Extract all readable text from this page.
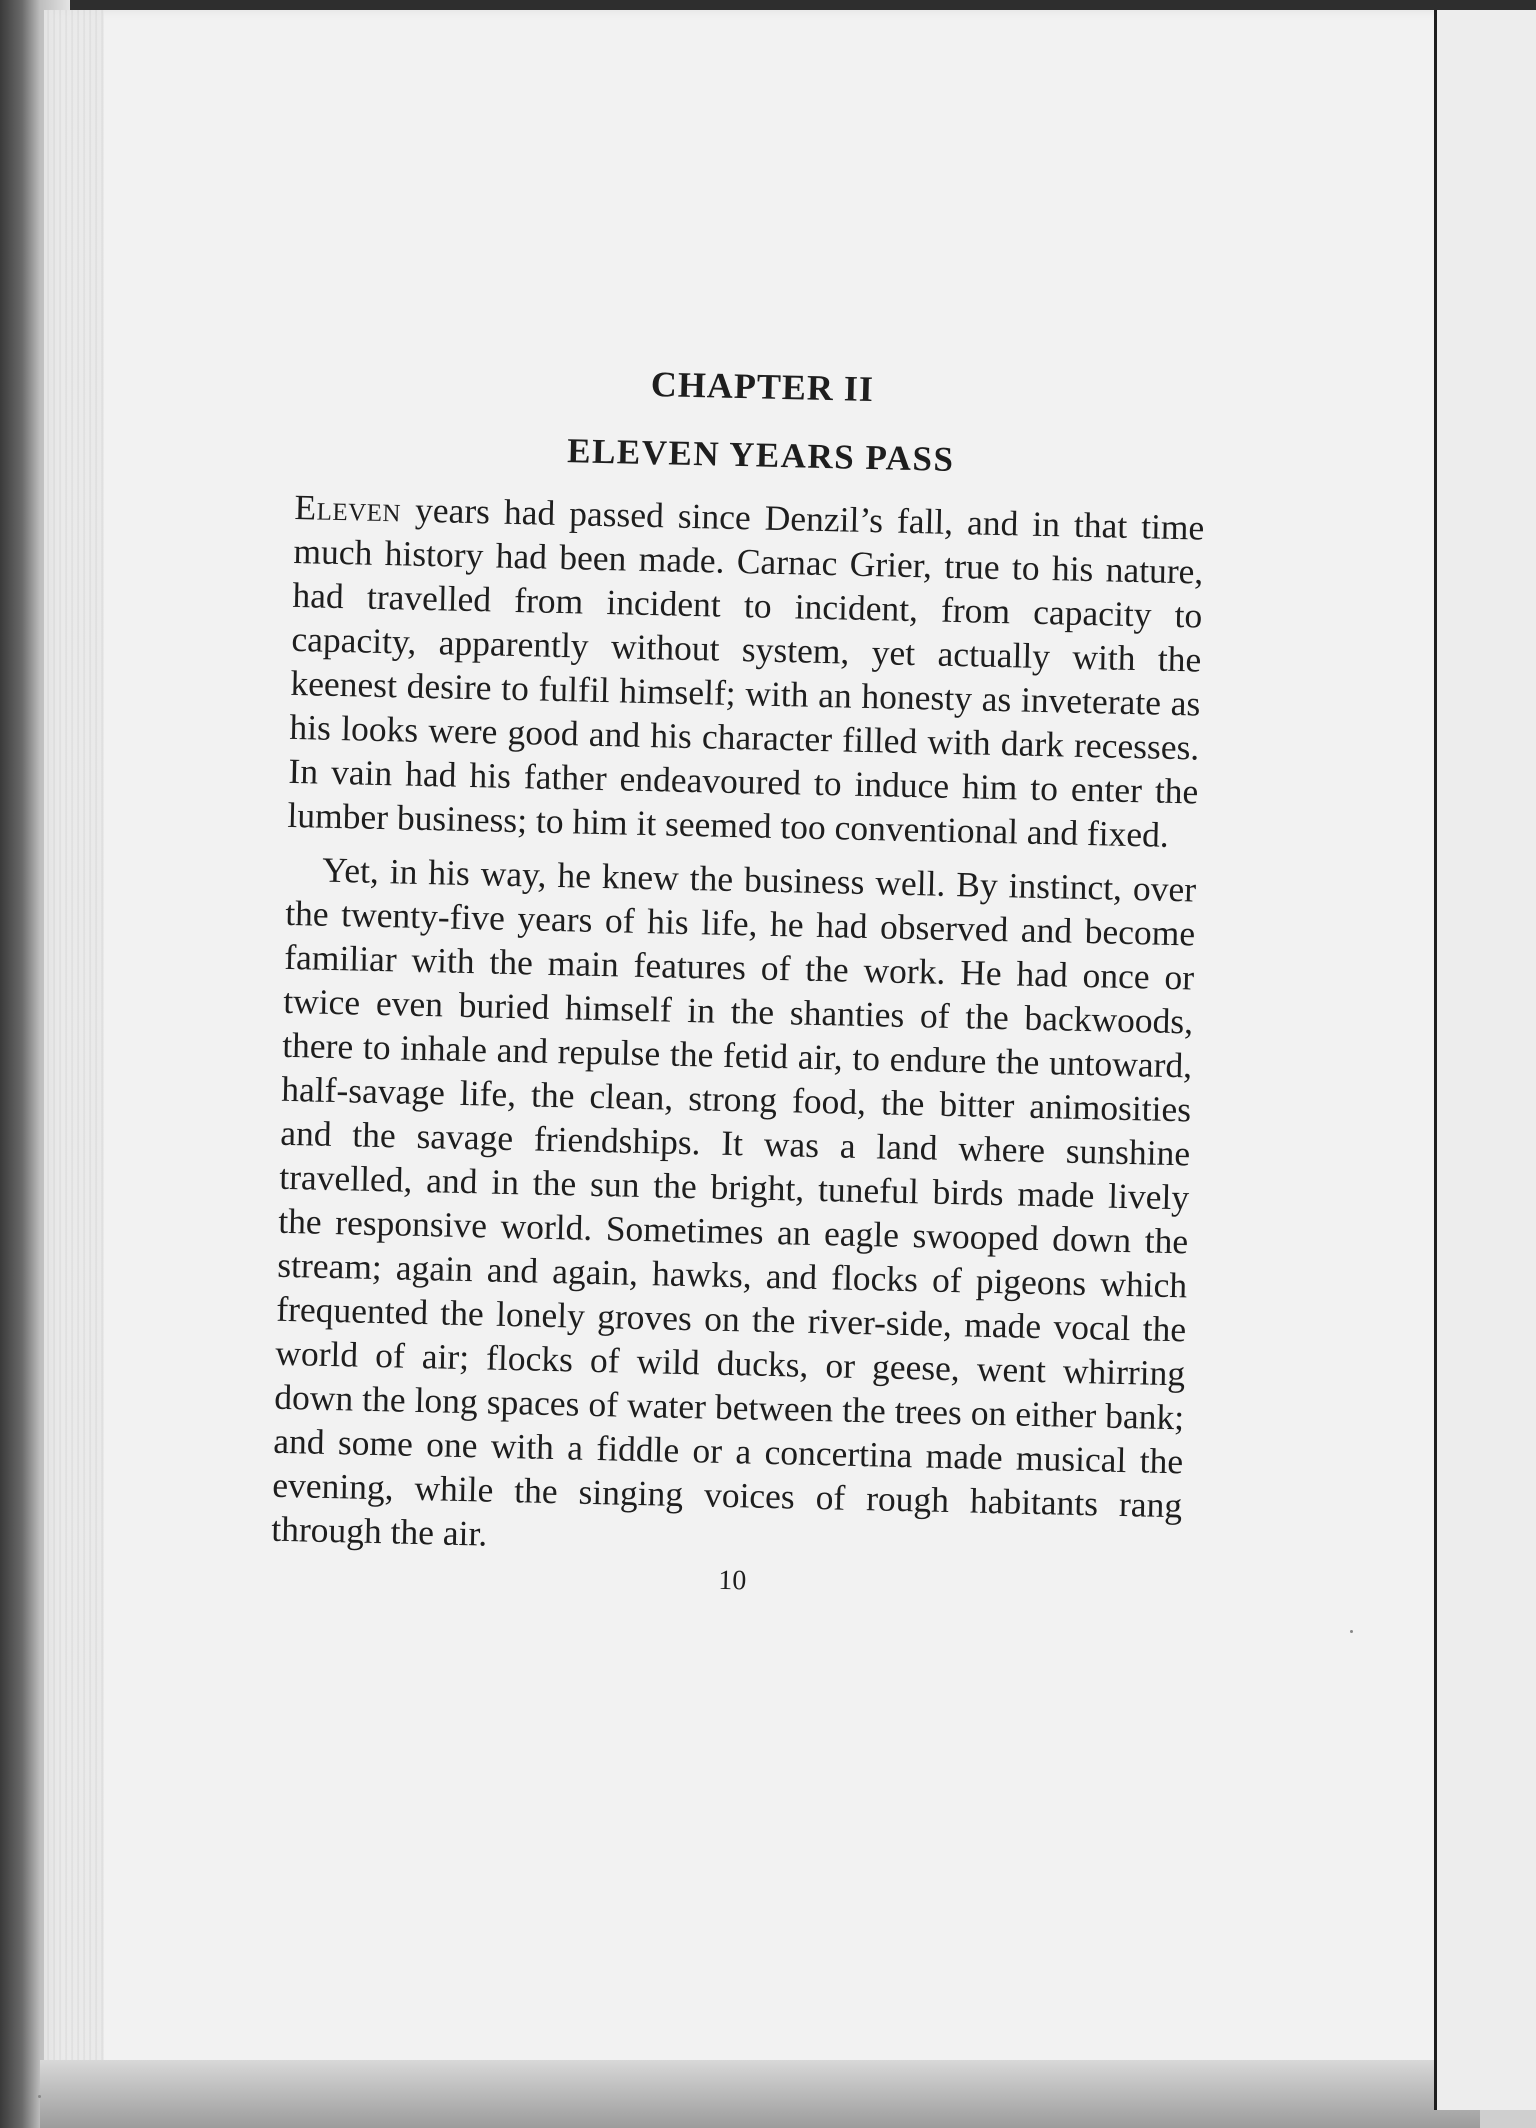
CHAPTER II
ELEVEN YEARS PASS

Eleven years had passed since Denzil’s fall, and in that time much history had been made. Carnac Grier, true to his nature, had travelled from incident to incident, from capacity to capacity, apparently without system, yet actually with the keenest desire to fulfil himself; with an honesty as inveterate as his looks were good and his character filled with dark recesses. In vain had his father endeavoured to induce him to enter the lumber business; to him it seemed too conventional and fixed.

Yet, in his way, he knew the business well. By instinct, over the twenty-five years of his life, he had observed and become familiar with the main features of the work. He had once or twice even buried himself in the shanties of the backwoods, there to inhale and repulse the fetid air, to endure the untoward, half-savage life, the clean, strong food, the bitter animosities and the savage friendships. It was a land where sunshine travelled, and in the sun the bright, tuneful birds made lively the responsive world. Sometimes an eagle swooped down the stream; again and again, hawks, and flocks of pigeons which frequented the lonely groves on the river-side, made vocal the world of air; flocks of wild ducks, or geese, went whirring down the long spaces of water between the trees on either bank; and some one with a fiddle or a concertina made musical the evening, while the singing voices of rough habitants rang through the air.

10
